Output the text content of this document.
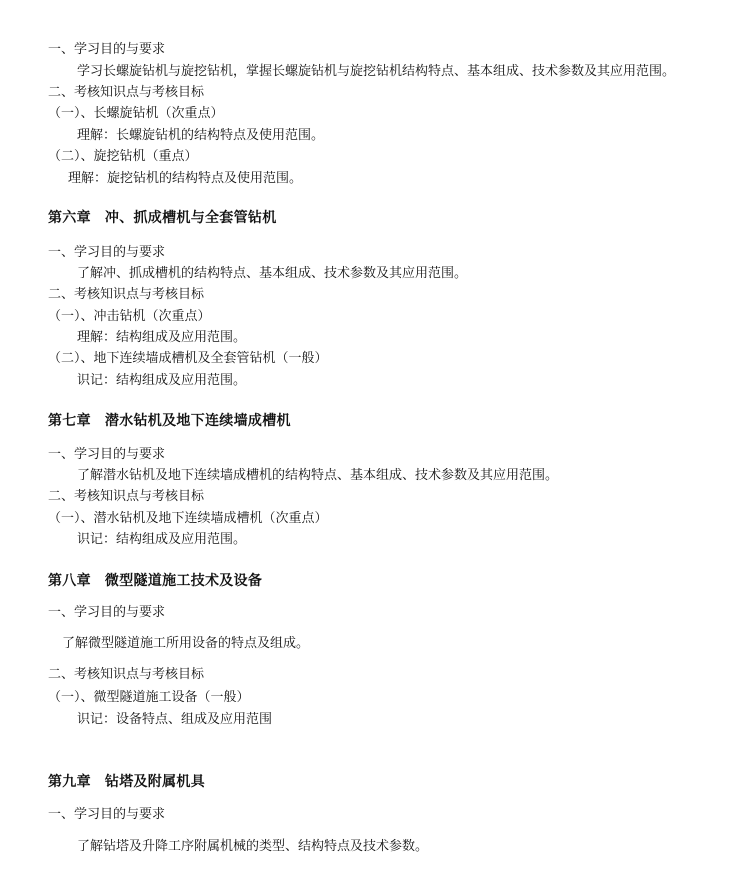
一、学习目的与要求
学习长螺旋钻机与旋挖钻机，掌握长螺旋钻机与旋挖钻机结构特点、基本组成、技术参数及其应用范围。
二、考核知识点与考核目标
（一）、长螺旋钻机（次重点）
理解：长螺旋钻机的结构特点及使用范围。
（二）、旋挖钻机（重点）
理解：旋挖钻机的结构特点及使用范围。
第六章 冲、抓成槽机与全套管钻机
一、学习目的与要求
了解冲、抓成槽机的结构特点、基本组成、技术参数及其应用范围。
二、考核知识点与考核目标
（一）、冲击钻机（次重点）
理解：结构组成及应用范围。
（二）、地下连续墙成槽机及全套管钻机（一般）
识记：结构组成及应用范围。
第七章 潜水钻机及地下连续墙成槽机
一、学习目的与要求
了解潜水钻机及地下连续墙成槽机的结构特点、基本组成、技术参数及其应用范围。
二、考核知识点与考核目标
（一）、潜水钻机及地下连续墙成槽机（次重点）
识记：结构组成及应用范围。
第八章 微型隧道施工技术及设备
一、学习目的与要求
了解微型隧道施工所用设备的特点及组成。
二、考核知识点与考核目标
（一）、微型隧道施工设备（一般）
识记：设备特点、组成及应用范围
第九章 钻塔及附属机具
一、学习目的与要求
了解钻塔及升降工序附属机械的类型、结构特点及技术参数。
